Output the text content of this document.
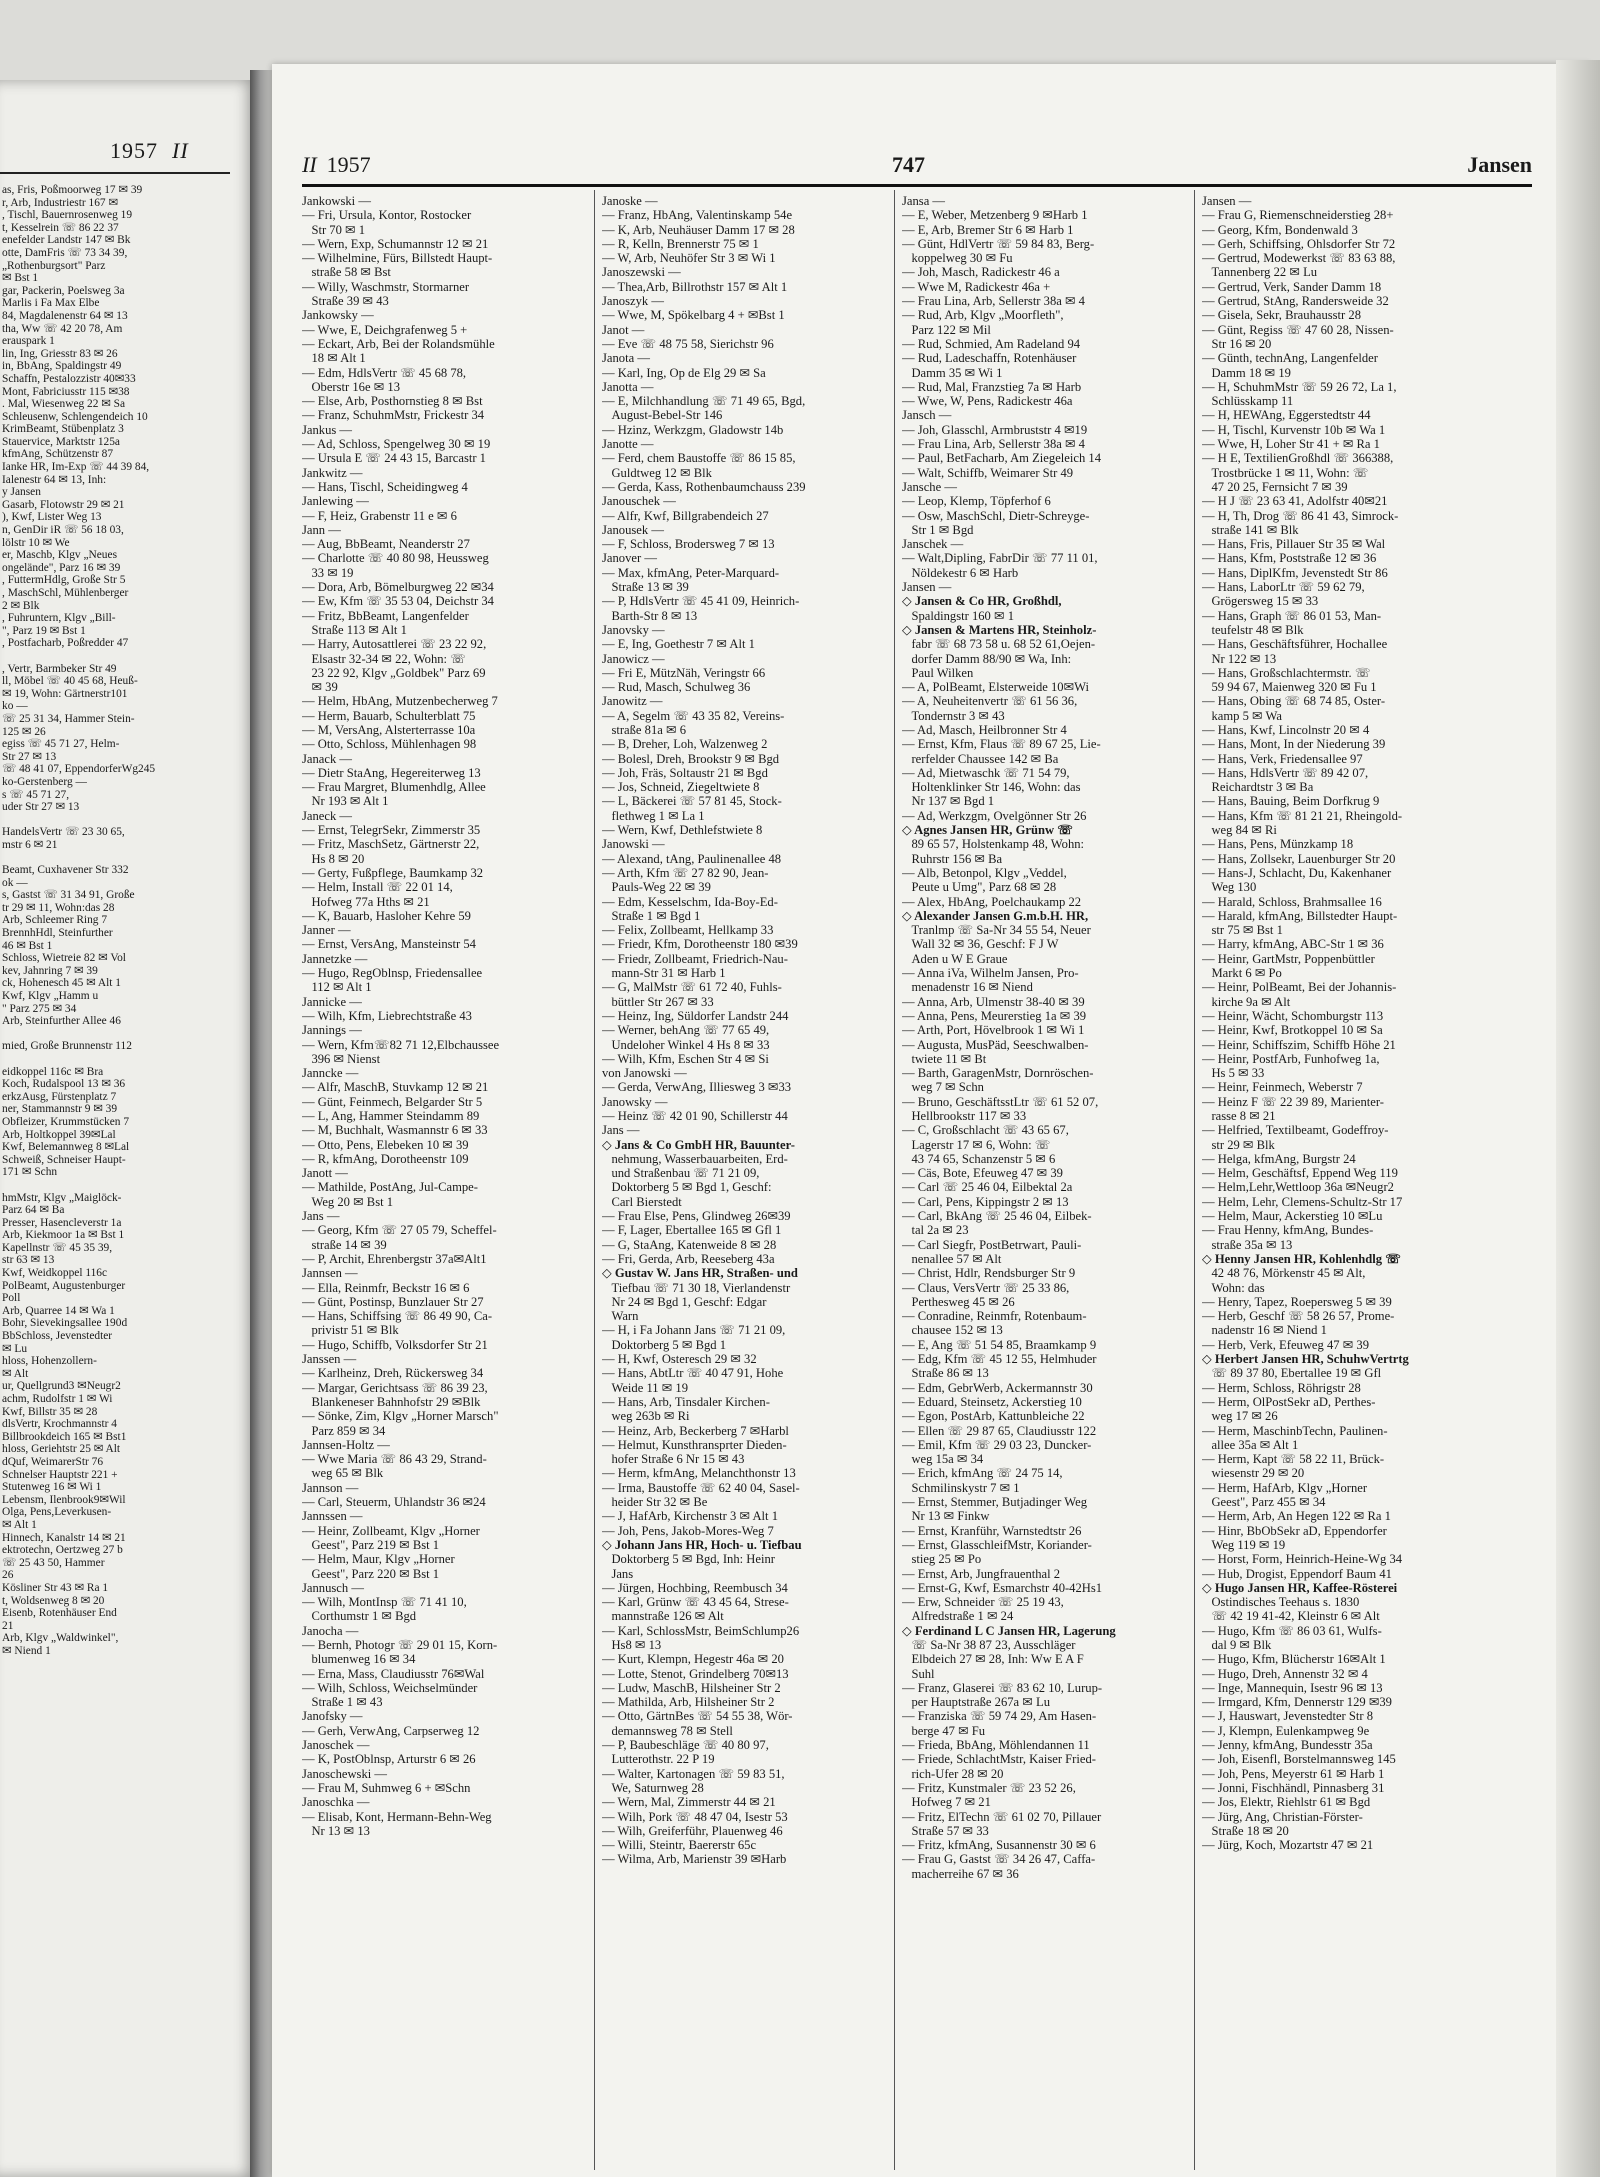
1957 II
as, Fris, Poßmoorweg 17 ✉ 39
r, Arb, Industriestr 167 ✉
, Tischl, Bauernrosenweg 19
t, Kesselrein ☏ 86 22 37
enefelder Landstr 147 ✉ Bk
otte, DamFris ☏ 73 34 39,
„Rothenburgsort" Parz
✉ Bst 1
gar, Packerin, Poelsweg 3a
Marlis i Fa Max Elbe
84, Magdalenenstr 64 ✉ 13
tha, Ww ☏ 42 20 78, Am
erauspark 1
lin, Ing, Griesstr 83 ✉ 26
in, BbAng, Spaldingstr 49
Schaffn, Pestalozzistr 40✉33
Mont, Fabriciusstr 115 ✉38
. Mal, Wiesenweg 22 ✉ Sa
Schleusenw, Schlengendeich 10
KrimBeamt, Stübenplatz 3
Stauervice, Marktstr 125a
kfmAng, Schützenstr 87
Ianke HR, Im-Exp ☏ 44 39 84,
Ialenestr 64 ✉ 13, Inh:
y Jansen
Gasarb, Flotowstr 29 ✉ 21
), Kwf, Lister Weg 13
n, GenDir iR ☏ 56 18 03,
lölstr 10 ✉ We
er, Maschb, Klgv „Neues
ongelände", Parz 16 ✉ 39
, FuttermHdlg, Große Str 5
, MaschSchl, Mühlenberger
2 ✉ Blk
, Fuhruntern, Klgv „Bill-
", Parz 19 ✉ Bst 1
, Postfacharb, Poßredder 47

, Vertr, Barmbeker Str 49
ll, Möbel ☏ 40 45 68, Heuß-
✉ 19, Wohn: Gärtnerstr101
ko —
☏ 25 31 34, Hammer Stein-
125 ✉ 26
egiss ☏ 45 71 27, Helm-
Str 27 ✉ 13
☏ 48 41 07, EppendorferWg245
ko-Gerstenberg —
s ☏ 45 71 27,
uder Str 27 ✉ 13

HandelsVertr ☏ 23 30 65,
mstr 6 ✉ 21

Beamt, Cuxhavener Str 332
ok —
s, Gastst ☏ 31 34 91, Große
tr 29 ✉ 11, Wohn:das 28
Arb, Schleemer Ring 7
BrennhHdl, Steinfurther
46 ✉ Bst 1
Schloss, Wietreie 82 ✉ Vol
kev, Jahnring 7 ✉ 39
ck, Hohenesch 45 ✉ Alt 1
Kwf, Klgv „Hamm u
" Parz 275 ✉ 34
Arb, Steinfurther Allee 46

mied, Große Brunnenstr 112

eidkoppel 116c ✉ Bra
Koch, Rudalspool 13 ✉ 36
erkzAusg, Fürstenplatz 7
ner, Stammannstr 9 ✉ 39
Obfleizer, Krummstücken 7
Arb, Holtkoppel 39✉Lal
Kwf, Belemannweg 8 ✉Lal
Schweiß, Schneiser Haupt-
171 ✉ Schn

hmMstr, Klgv „Maiglöck-
Parz 64 ✉ Ba
Presser, Hasencleverstr 1a
Arb, Kiekmoor 1a ✉ Bst 1
Kapellnstr ☏ 45 35 39,
str 63 ✉ 13
Kwf, Weidkoppel 116c
PolBeamt, Augustenburger
Poll
Arb, Quarree 14 ✉ Wa 1
Bohr, Sievekingsallee 190d
BbSchloss, Jevenstedter
✉ Lu
hloss, Hohenzollern-
✉ Alt
ur, Quellgrund3 ✉Neugr2
achm, Rudolfstr 1 ✉ Wi
Kwf, Billstr 35 ✉ 28
dlsVertr, Krochmannstr 4
Billbrookdeich 165 ✉ Bst1
hloss, Geriehtstr 25 ✉ Alt
dQuf, WeimarerStr 76
Schnelser Hauptstr 221 +
Stutenweg 16 ✉ Wi 1
Lebensm, Ilenbrook9✉Wil
Olga, Pens,Leverkusen-
✉ Alt 1
Hinnech, Kanalstr 14 ✉ 21
ektrotechn, Oertzweg 27 b
☏ 25 43 50, Hammer
26
Kösliner Str 43 ✉ Ra 1
t, Woldsenweg 8 ✉ 20
Eisenb, Rotenhäuser End
21
Arb, Klgv „Waldwinkel",
✉ Niend 1
II 1957	747	Jansen
Jankowski —
— Fri, Ursula, Kontor, Rostocker
Str 70 ✉ 1
— Wern, Exp, Schumannstr 12 ✉ 21
— Wilhelmine, Fürs, Billstedt Haupt-
straße 58 ✉ Bst
— Willy, Waschmstr, Stormarner
Straße 39 ✉ 43
Jankowsky —
— Wwe, E, Deichgrafenweg 5 +
— Eckart, Arb, Bei der Rolandsmühle
18 ✉ Alt 1
— Edm, HdlsVertr ☏ 45 68 78,
Oberstr 16e ✉ 13
— Else, Arb, Posthornstieg 8 ✉ Bst
— Franz, SchuhmMstr, Frickestr 34
Jankus —
— Ad, Schloss, Spengelweg 30 ✉ 19
— Ursula E ☏ 24 43 15, Barcastr 1
Jankwitz —
— Hans, Tischl, Scheidingweg 4
Janlewing —
— F, Heiz, Grabenstr 11 e ✉ 6
Jann —
— Aug, BbBeamt, Neanderstr 27
— Charlotte ☏ 40 80 98, Heussweg
33 ✉ 19
— Dora, Arb, Bömelburgweg 22 ✉34
— Ew, Kfm ☏ 35 53 04, Deichstr 34
— Fritz, BbBeamt, Langenfelder
Straße 113 ✉ Alt 1
— Harry, Autosattlerei ☏ 23 22 92,
Elsastr 32-34 ✉ 22, Wohn: ☏
23 22 92, Klgv „Goldbek" Parz 69
✉ 39
— Helm, HbAng, Mutzenbecherweg 7
— Herm, Bauarb, Schulterblatt 75
— M, VersAng, Alsterterrasse 10a
— Otto, Schloss, Mühlenhagen 98
Janack —
— Dietr StaAng, Hegereiterweg 13
— Frau Margret, Blumenhdlg, Allee
Nr 193 ✉ Alt 1
Janeck —
— Ernst, TelegrSekr, Zimmerstr 35
— Fritz, MaschSetz, Gärtnerstr 22,
Hs 8 ✉ 20
— Gerty, Fußpflege, Baumkamp 32
— Helm, Install ☏ 22 01 14,
Hofweg 77a Hths ✉ 21
— K, Bauarb, Hasloher Kehre 59
Janner —
— Ernst, VersAng, Mansteinstr 54
Jannetzke —
— Hugo, RegOblnsp, Friedensallee
112 ✉ Alt 1
Jannicke —
— Wilh, Kfm, Liebrechtstraße 43
Jannings —
— Wern, Kfm☏82 71 12,Elbchaussee
396 ✉ Nienst
Janncke —
— Alfr, MaschB, Stuvkamp 12 ✉ 21
— Günt, Feinmech, Belgarder Str 5
— L, Ang, Hammer Steindamm 89
— M, Buchhalt, Wasmannstr 6 ✉ 33
— Otto, Pens, Elebeken 10 ✉ 39
— R, kfmAng, Dorotheenstr 109
Janott —
— Mathilde, PostAng, Jul-Campe-
Weg 20 ✉ Bst 1
Jans —
— Georg, Kfm ☏ 27 05 79, Scheffel-
straße 14 ✉ 39
— P, Archit, Ehrenbergstr 37a✉Alt1
Jannsen —
— Ella, Reinmfr, Beckstr 16 ✉ 6
— Günt, Postinsp, Bunzlauer Str 27
— Hans, Schiffsing ☏ 86 49 90, Ca-
privistr 51 ✉ Blk
— Hugo, Schiffb, Volksdorfer Str 21
Janssen —
— Karlheinz, Dreh, Rückersweg 34
— Margar, Gerichtsass ☏ 86 39 23,
Blankeneser Bahnhofstr 29 ✉Blk
— Sönke, Zim, Klgv „Horner Marsch"
Parz 859 ✉ 34
Jannsen-Holtz —
— Wwe Maria ☏ 86 43 29, Strand-
weg 65 ✉ Blk
Jannson —
— Carl, Steuerm, Uhlandstr 36 ✉24
Jannssen —
— Heinr, Zollbeamt, Klgv „Horner
Geest", Parz 219 ✉ Bst 1
— Helm, Maur, Klgv „Horner
Geest", Parz 220 ✉ Bst 1
Jannusch —
— Wilh, MontInsp ☏ 71 41 10,
Corthumstr 1 ✉ Bgd
Janocha —
— Bernh, Photogr ☏ 29 01 15, Korn-
blumenweg 16 ✉ 34
— Erna, Mass, Claudiusstr 76✉Wal
— Wilh, Schloss, Weichselmünder
Straße 1 ✉ 43
Janofsky —
— Gerh, VerwAng, Carpserweg 12
Janoschek —
— K, PostOblnsp, Arturstr 6 ✉ 26
Janoschewski —
— Frau M, Suhmweg 6 + ✉Schn
Janoschka —
— Elisab, Kont, Hermann-Behn-Weg
Nr 13 ✉ 13
Janoske —
— Franz, HbAng, Valentinskamp 54e
— K, Arb, Neuhäuser Damm 17 ✉ 28
— R, Kelln, Brennerstr 75 ✉ 1
— W, Arb, Neuhöfer Str 3 ✉ Wi 1
Janoszewski —
— Thea,Arb, Billrothstr 157 ✉ Alt 1
Janoszyk —
— Wwe, M, Spökelbarg 4 + ✉Bst 1
Janot —
— Eve ☏ 48 75 58, Sierichstr 96
Janota —
— Karl, Ing, Op de Elg 29 ✉ Sa
Janotta —
— E, Milchhandlung ☏ 71 49 65, Bgd,
August-Bebel-Str 146
— Hzinz, Werkzgm, Gladowstr 14b
Janotte —
— Ferd, chem Baustoffe ☏ 86 15 85,
Guldtweg 12 ✉ Blk
— Gerda, Kass, Rothenbaumchauss 239
Janouschek —
— Alfr, Kwf, Billgrabendeich 27
Janousek —
— F, Schloss, Brodersweg 7 ✉ 13
Janover —
— Max, kfmAng, Peter-Marquard-
Straße 13 ✉ 39
— P, HdlsVertr ☏ 45 41 09, Heinrich-
Barth-Str 8 ✉ 13
Janovsky —
— E, Ing, Goethestr 7 ✉ Alt 1
Janowicz —
— Fri E, MützNäh, Veringstr 66
— Rud, Masch, Schulweg 36
Janowitz —
— A, Segelm ☏ 43 35 82, Vereins-
straße 81a ✉ 6
— B, Dreher, Loh, Walzenweg 2
— Bolesl, Dreh, Brookstr 9 ✉ Bgd
— Joh, Fräs, Soltaustr 21 ✉ Bgd
— Jos, Schneid, Ziegeltwiete 8
— L, Bäckerei ☏ 57 81 45, Stock-
flethweg 1 ✉ La 1
— Wern, Kwf, Dethlefstwiete 8
Janowski —
— Alexand, tAng, Paulinenallee 48
— Arth, Kfm ☏ 27 82 90, Jean-
Pauls-Weg 22 ✉ 39
— Edm, Kesselschm, Ida-Boy-Ed-
Straße 1 ✉ Bgd 1
— Felix, Zollbeamt, Hellkamp 33
— Friedr, Kfm, Dorotheenstr 180 ✉39
— Friedr, Zollbeamt, Friedrich-Nau-
mann-Str 31 ✉ Harb 1
— G, MalMstr ☏ 61 72 40, Fuhls-
büttler Str 267 ✉ 33
— Heinz, Ing, Süldorfer Landstr 244
— Werner, behAng ☏ 77 65 49,
Undeloher Winkel 4 Hs 8 ✉ 33
— Wilh, Kfm, Eschen Str 4 ✉ Si
von Janowski —
— Gerda, VerwAng, Illiesweg 3 ✉33
Janowsky —
— Heinz ☏ 42 01 90, Schillerstr 44
Jans —
◇ Jans & Co GmbH HR, Bauunter-
nehmung, Wasserbauarbeiten, Erd-
und Straßenbau ☏ 71 21 09,
Doktorberg 5 ✉ Bgd 1, Geschf:
Carl Bierstedt
— Frau Else, Pens, Glindweg 26✉39
— F, Lager, Ebertallee 165 ✉ Gfl 1
— G, StaAng, Katenweide 8 ✉ 28
— Fri, Gerda, Arb, Reeseberg 43a
◇ Gustav W. Jans HR, Straßen- und
Tiefbau ☏ 71 30 18, Vierlandenstr
Nr 24 ✉ Bgd 1, Geschf: Edgar
Warn
— H, i Fa Johann Jans ☏ 71 21 09,
Doktorberg 5 ✉ Bgd 1
— H, Kwf, Osteresch 29 ✉ 32
— Hans, AbtLtr ☏ 40 47 91, Hohe
Weide 11 ✉ 19
— Hans, Arb, Tinsdaler Kirchen-
weg 263b ✉ Ri
— Heinz, Arb, Beckerberg 7 ✉Harbl
— Helmut, Kunsthransprter Dieden-
hofer Straße 6 Nr 15 ✉ 43
— Herm, kfmAng, Melanchthonstr 13
— Irma, Baustoffe ☏ 62 40 04, Sasel-
heider Str 32 ✉ Be
— J, HafArb, Kirchenstr 3 ✉ Alt 1
— Joh, Pens, Jakob-Mores-Weg 7
◇ Johann Jans HR, Hoch- u. Tiefbau
Doktorberg 5 ✉ Bgd, Inh: Heinr
Jans
— Jürgen, Hochbing, Reembusch 34
— Karl, Grünw ☏ 43 45 64, Strese-
mannstraße 126 ✉ Alt
— Karl, SchlossMstr, BeimSchlump26
Hs8 ✉ 13
— Kurt, Klempn, Hegestr 46a ✉ 20
— Lotte, Stenot, Grindelberg 70✉13
— Ludw, MaschB, Hilsheiner Str 2
— Mathilda, Arb, Hilsheiner Str 2
— Otto, GärtnBes ☏ 54 55 38, Wör-
demannsweg 78 ✉ Stell
— P, Baubeschläge ☏ 40 80 97,
Lutterothstr. 22 P 19
— Walter, Kartonagen ☏ 59 83 51,
We, Saturnweg 28
— Wern, Mal, Zimmerstr 44 ✉ 21
— Wilh, Pork ☏ 48 47 04, Isestr 53
— Wilh, Greiferführ, Plauenweg 46
— Willi, Steintr, Baererstr 65c
— Wilma, Arb, Marienstr 39 ✉Harb
Jansa —
— E, Weber, Metzenberg 9 ✉Harb 1
— E, Arb, Bremer Str 6 ✉ Harb 1
— Günt, HdlVertr ☏ 59 84 83, Berg-
koppelweg 30 ✉ Fu
— Joh, Masch, Radickestr 46 a
— Wwe M, Radickestr 46a +
— Frau Lina, Arb, Sellerstr 38a ✉ 4
— Rud, Arb, Klgv „Moorfleth",
Parz 122 ✉ Mil
— Rud, Schmied, Am Radeland 94
— Rud, Ladeschaffn, Rotenhäuser
Damm 35 ✉ Wi 1
— Rud, Mal, Franzstieg 7a ✉ Harb
— Wwe, W, Pens, Radickestr 46a
Jansch —
— Joh, Glasschl, Armbruststr 4 ✉19
— Frau Lina, Arb, Sellerstr 38a ✉ 4
— Paul, BetFacharb, Am Ziegeleich 14
— Walt, Schiffb, Weimarer Str 49
Jansche —
— Leop, Klemp, Töpferhof 6
— Osw, MaschSchl, Dietr-Schreyge-
Str 1 ✉ Bgd
Janschek —
— Walt,Dipling, FabrDir ☏ 77 11 01,
Nöldekestr 6 ✉ Harb
Jansen —
◇ Jansen & Co HR, Großhdl,
Spaldingstr 160 ✉ 1
◇ Jansen & Martens HR, Steinholz-
fabr ☏ 68 73 58 u. 68 52 61,Oejen-
dorfer Damm 88/90 ✉ Wa, Inh:
Paul Wilken
— A, PolBeamt, Elsterweide 10✉Wi
— A, Neuheitenvertr ☏ 61 56 36,
Tondernstr 3 ✉ 43
— Ad, Masch, Heilbronner Str 4
— Ernst, Kfm, Flaus ☏ 89 67 25, Lie-
rerfelder Chaussee 142 ✉ Ba
— Ad, Mietwaschk ☏ 71 54 79,
Holtenklinker Str 146, Wohn: das
Nr 137 ✉ Bgd 1
— Ad, Werkzgm, Ovelgönner Str 26
◇ Agnes Jansen HR, Grünw ☏
89 65 57, Holstenkamp 48, Wohn:
Ruhrstr 156 ✉ Ba
— Alb, Betonpol, Klgv „Veddel,
Peute u Umg", Parz 68 ✉ 28
— Alex, HbAng, Poelchaukamp 22
◇ Alexander Jansen G.m.b.H. HR,
Tranlmp ☏ Sa-Nr 34 55 54, Neuer
Wall 32 ✉ 36, Geschf: F J W
Aden u W E Graue
— Anna iVa, Wilhelm Jansen, Pro-
menadenstr 16 ✉ Niend
— Anna, Arb, Ulmenstr 38-40 ✉ 39
— Anna, Pens, Meurerstieg 1a ✉ 39
— Arth, Port, Hövelbrook 1 ✉ Wi 1
— Augusta, MusPäd, Seeschwalben-
twiete 11 ✉ Bt
— Barth, GaragenMstr, Dornröschen-
weg 7 ✉ Schn
— Bruno, GeschäftsstLtr ☏ 61 52 07,
Hellbrookstr 117 ✉ 33
— C, Großschlacht ☏ 43 65 67,
Lagerstr 17 ✉ 6, Wohn: ☏
43 74 65, Schanzenstr 5 ✉ 6
— Cäs, Bote, Efeuweg 47 ✉ 39
— Carl ☏ 25 46 04, Eilbektal 2a
— Carl, Pens, Kippingstr 2 ✉ 13
— Carl, BkAng ☏ 25 46 04, Eilbek-
tal 2a ✉ 23
— Carl Siegfr, PostBetrwart, Pauli-
nenallee 57 ✉ Alt
— Christ, Hdlr, Rendsburger Str 9
— Claus, VersVertr ☏ 25 33 86,
Perthesweg 45 ✉ 26
— Conradine, Reinmfr, Rotenbaum-
chausee 152 ✉ 13
— E, Ang ☏ 51 54 85, Braamkamp 9
— Edg, Kfm ☏ 45 12 55, Helmhuder
Straße 86 ✉ 13
— Edm, GebrWerb, Ackermannstr 30
— Eduard, Steinsetz, Ackerstieg 10
— Egon, PostArb, Kattunbleiche 22
— Ellen ☏ 29 87 65, Claudiusstr 122
— Emil, Kfm ☏ 29 03 23, Duncker-
weg 15a ✉ 34
— Erich, kfmAng ☏ 24 75 14,
Schmilinskystr 7 ✉ 1
— Ernst, Stemmer, Butjadinger Weg
Nr 13 ✉ Finkw
— Ernst, Kranführ, Warnstedtstr 26
— Ernst, GlasschleifMstr, Koriander-
stieg 25 ✉ Po
— Ernst, Arb, Jungfrauenthal 2
— Ernst-G, Kwf, Esmarchstr 40-42Hs1
— Erw, Schneider ☏ 25 19 43,
Alfredstraße 1 ✉ 24
◇ Ferdinand L C Jansen HR, Lagerung
☏ Sa-Nr 38 87 23, Ausschläger
Elbdeich 27 ✉ 28, Inh: Ww E A F
Suhl
— Franz, Glaserei ☏ 83 62 10, Lurup-
per Hauptstraße 267a ✉ Lu
— Franziska ☏ 59 74 29, Am Hasen-
berge 47 ✉ Fu
— Frieda, BbAng, Möhlendannen 11
— Friede, SchlachtMstr, Kaiser Fried-
rich-Ufer 28 ✉ 20
— Fritz, Kunstmaler ☏ 23 52 26,
Hofweg 7 ✉ 21
— Fritz, ElTechn ☏ 61 02 70, Pillauer
Straße 57 ✉ 33
— Fritz, kfmAng, Susannenstr 30 ✉ 6
— Frau G, Gastst ☏ 34 26 47, Caffa-
macherreihe 67 ✉ 36
Jansen —
— Frau G, Riemenschneiderstieg 28+
— Georg, Kfm, Bondenwald 3
— Gerh, Schiffsing, Ohlsdorfer Str 72
— Gertrud, Modewerkst ☏ 83 63 88,
Tannenberg 22 ✉ Lu
— Gertrud, Verk, Sander Damm 18
— Gertrud, StAng, Randersweide 32
— Gisela, Sekr, Brauhausstr 28
— Günt, Regiss ☏ 47 60 28, Nissen-
Str 16 ✉ 20
— Günth, technAng, Langenfelder
Damm 18 ✉ 19
— H, SchuhmMstr ☏ 59 26 72, La 1,
Schlüsskamp 11
— H, HEWAng, Eggerstedtstr 44
— H, Tischl, Kurvenstr 10b ✉ Wa 1
— Wwe, H, Loher Str 41 + ✉ Ra 1
— H E, TextilienGroßhdl ☏ 366388,
Trostbrücke 1 ✉ 11, Wohn: ☏
47 20 25, Fernsicht 7 ✉ 39
— H J ☏ 23 63 41, Adolfstr 40✉21
— H, Th, Drog ☏ 86 41 43, Simrock-
straße 141 ✉ Blk
— Hans, Fris, Pillauer Str 35 ✉ Wal
— Hans, Kfm, Poststraße 12 ✉ 36
— Hans, DiplKfm, Jevenstedt Str 86
— Hans, LaborLtr ☏ 59 62 79,
Grögersweg 15 ✉ 33
— Hans, Graph ☏ 86 01 53, Man-
teufelstr 48 ✉ Blk
— Hans, Geschäftsführer, Hochallee
Nr 122 ✉ 13
— Hans, Großschlachtermstr. ☏
59 94 67, Maienweg 320 ✉ Fu 1
— Hans, Obing ☏ 68 74 85, Oster-
kamp 5 ✉ Wa
— Hans, Kwf, Lincolnstr 20 ✉ 4
— Hans, Mont, In der Niederung 39
— Hans, Verk, Friedensallee 97
— Hans, HdlsVertr ☏ 89 42 07,
Reichardtstr 3 ✉ Ba
— Hans, Bauing, Beim Dorfkrug 9
— Hans, Kfm ☏ 81 21 21, Rheingold-
weg 84 ✉ Ri
— Hans, Pens, Münzkamp 18
— Hans, Zollsekr, Lauenburger Str 20
— Hans-J, Schlacht, Du, Kakenhaner
Weg 130
— Harald, Schloss, Brahmsallee 16
— Harald, kfmAng, Billstedter Haupt-
str 75 ✉ Bst 1
— Harry, kfmAng, ABC-Str 1 ✉ 36
— Heinr, GartMstr, Poppenbüttler
Markt 6 ✉ Po
— Heinr, PolBeamt, Bei der Johannis-
kirche 9a ✉ Alt
— Heinr, Wächt, Schomburgstr 113
— Heinr, Kwf, Brotkoppel 10 ✉ Sa
— Heinr, Schiffszim, Schiffb Höhe 21
— Heinr, PostfArb, Funhofweg 1a,
Hs 5 ✉ 33
— Heinr, Feinmech, Weberstr 7
— Heinz F ☏ 22 39 89, Marienter-
rasse 8 ✉ 21
— Helfried, Textilbeamt, Godeffroy-
str 29 ✉ Blk
— Helga, kfmAng, Burgstr 24
— Helm, Geschäftsf, Eppend Weg 119
— Helm,Lehr,Wettloop 36a ✉Neugr2
— Helm, Lehr, Clemens-Schultz-Str 17
— Helm, Maur, Ackerstieg 10 ✉Lu
— Frau Henny, kfmAng, Bundes-
straße 35a ✉ 13
◇ Henny Jansen HR, Kohlenhdlg ☏
42 48 76, Mörkenstr 45 ✉ Alt,
Wohn: das
— Henry, Tapez, Roepersweg 5 ✉ 39
— Herb, Geschf ☏ 58 26 57, Prome-
nadenstr 16 ✉ Niend 1
— Herb, Verk, Efeuweg 47 ✉ 39
◇ Herbert Jansen HR, SchuhwVertrtg
☏ 89 37 80, Ebertallee 19 ✉ Gfl
— Herm, Schloss, Röhrigstr 28
— Herm, OlPostSekr aD, Perthes-
weg 17 ✉ 26
— Herm, MaschinbTechn, Paulinen-
allee 35a ✉ Alt 1
— Herm, Kapt ☏ 58 22 11, Brück-
wiesenstr 29 ✉ 20
— Herm, HafArb, Klgv „Horner
Geest", Parz 455 ✉ 34
— Herm, Arb, An Hegen 122 ✉ Ra 1
— Hinr, BbObSekr aD, Eppendorfer
Weg 119 ✉ 19
— Horst, Form, Heinrich-Heine-Wg 34
— Hub, Drogist, Eppendorf Baum 41
◇ Hugo Jansen HR, Kaffee-Rösterei
Ostindisches Teehaus s. 1830
☏ 42 19 41-42, Kleinstr 6 ✉ Alt
— Hugo, Kfm ☏ 86 03 61, Wulfs-
dal 9 ✉ Blk
— Hugo, Kfm, Blücherstr 16✉Alt 1
— Hugo, Dreh, Annenstr 32 ✉ 4
— Inge, Mannequin, Isestr 96 ✉ 13
— Irmgard, Kfm, Dennerstr 129 ✉39
— J, Hauswart, Jevenstedter Str 8
— J, Klempn, Eulenkampweg 9e
— Jenny, kfmAng, Bundesstr 35a
— Joh, Eisenfl, Borstelmannsweg 145
— Joh, Pens, Meyerstr 61 ✉ Harb 1
— Jonni, Fischhändl, Pinnasberg 31
— Jos, Elektr, Riehlstr 61 ✉ Bgd
— Jürg, Ang, Christian-Förster-
Straße 18 ✉ 20
— Jürg, Koch, Mozartstr 47 ✉ 21
